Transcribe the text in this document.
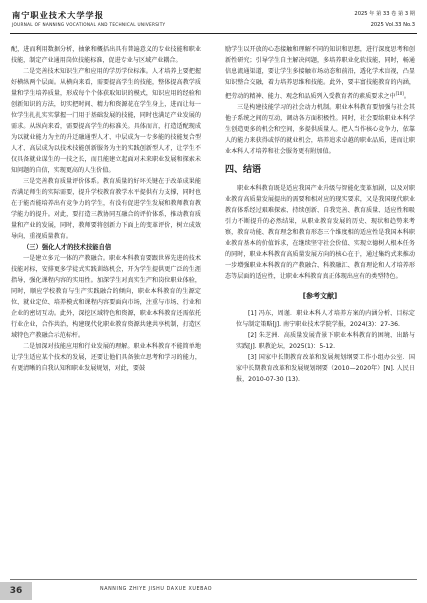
南宁职业技术大学学报
JOURNAL OF NANNING VOCATIONAL AND TECHNICAL UNIVERSITY
2025 年 第 33 卷 第 3 期
2025 Vol.33 No.3

配，进而利用数据分析，抽象和概括出具有普遍意义的专业技能和职业技能，制定产业通用岗位技能标准，促进专业与区域产业耦合。

二是完善技术知识生产和应用的学历学位标准。人才培养上要把握好横纵两个层面。从横向来看，需要提高学生的技能，整体提高教学质量和学生培养质量，形成每个个体获取知识的模式，知识应用的经验和创新知识的方法，切实把时间、精力和资源花在学生身上，进而让每一位学生扎扎实实掌握一门用于基础发展的技能，同时也满足产业发展的需求。从纵向来看，需要提高学生的标准关。具体而言，打造适配现成为以就业能力为主的升迁融通型人才、中层成为一专多能的技能复合型人才、高层成为以技术技能创新服务为主的实践创新型人才，让学生不仅具备就业谋生的一技之长，而且能建立起面对未来职业发展和探索未知问题的自信，实现更高的人生价值。

三是完善教育质量评价体系。教育质量的好坏关键在于改革成果能否满足师生的实际需要，提升学校教育教学水平提供有力支撑，同时也在于能否能培养出有竞争力的学生，有没有促进学生发展和教师教育教学能力的提升。对此，要打造三教协同互融合的评价体系，推动教育质量和产业的发展，同时，教师要将创新力下面上的变革评价，树立成效导向，重视质量教育。

（三）强化人才的技术技能自信

一是建立多元一体的产教融合。职业本科教育要跟世界先进的技术技能对标，安排更多学徒式实践训练机会，开为学生提供更广泛的生涯指导，强化课程内容的实用性。加深学生对真实生产和岗位职业体验，同时，顺应学校教育与生产实践融合的倾向，职业本科教育的生源定位、就业定位、培养模式和课程内容要面向市场，注重与市场、行业和企业的密切互动。此外，深挖区域特色和资源，职业本科教育还需依托行业企业，合作共治，构建现代化职业教育资源共建共享机制，打造区域特色产教融合示范标杆。

二是加深对技能应用和行业发展的理解。职业本科教育不能简单地让学生适应某个技术的发展，还要让他们具备独立思考和学习的能力，有更清晰的自我认知和职业发展规划，对此，要鼓

励学生以开放的心态接触和理解不同的知识和思想，进行深度思考和创新性研究；引导学生自主解决问题，多培养职业化软技能，同时，畅通信息流通渠道，要让学生多接触市场动态和前沿，透化学术盲视，凸显知识整合交融，着力培养思维和技能。此外，要丰富技能教育的内涵，把劳动的精神、能力、观念和品质列入受教育者的素质要求之中[10]。

三是构建技能学习的社会动力机制。职业本科教育要加强与社会其他子系统之间的互动，调动各方面积极性。同时，社会要给职业本科学生创造更多的机会和空间，多提供质量人。把人当作核心竞争力，依靠人的能力来获得或俘的就业机会，培养追求卓越的职业品质，进而让职业本科人才培养和社会服务更有附加值。

四、结语

职业本科教育既是适应我国产业升级与智能化变革加剧，以及对职业教育高质量发展提出的需要和相对应的现实要求，又是我国现代职业教育体系经过艰难探索、持续创新、自我完善、教育质量、适应性和吸引力不断提升的必然结果，从职业教育发展的历史、现状和趋势来考察，教育功能、教育理念和教育形态三个维度相的适应性是我国本科职业教育基本的价值诉求，在继续坚守社会价值、实现立德树人根本任务的同时，职业本科教育高质量发展方向的核心在于，通过集约式来推动一步增强职业本科教育的产教融合、科教融汇、教育理论和人才培养形态等层面的适应性，让职业本科教育真正体现出应有的类型特色。

[参考文献]

[1] 冯东，周谨．职业本科人才培养方案的内涵分析、目标定位与制定策略[J]. 南宁职业技术学院学报，2024(3)：27-36.

[2] 朱芝洲．高质量发展背景下职业本科教育的困境、出路与实践[J]. 职教论坛，2025(1)：5-12.

[3] 国家中长期教育改革和发展规划纲要工作小组办公室．国家中长期教育改革和发展规划纲要（2010—2020年）[N]. 人民日报，2010-07-30 (13).

36	NANNING ZHIYE JISHU DAXUE XUEBAO
